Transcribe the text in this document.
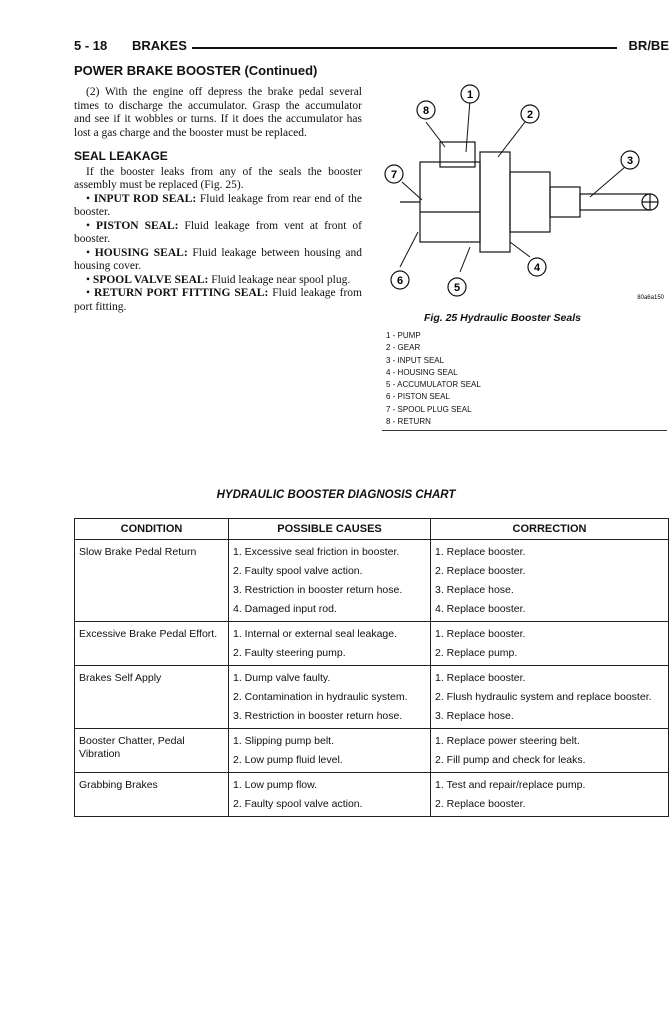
5 - 18 BRAKES	BR/BE
POWER BRAKE BOOSTER (Continued)

(2) With the engine off depress the brake pedal several times to discharge the accumulator. Grasp the accumulator and see if it wobbles or turns. If it does the accumulator has lost a gas charge and the booster must be replaced.

SEAL LEAKAGE

If the booster leaks from any of the seals the booster assembly must be replaced (Fig. 25).

• INPUT ROD SEAL: Fluid leakage from rear end of the booster.

• PISTON SEAL: Fluid leakage from vent at front of booster.

• HOUSING SEAL: Fluid leakage between housing and housing cover.

• SPOOL VALVE SEAL: Fluid leakage near spool plug.

• RETURN PORT FITTING SEAL: Fluid leakage from port fitting.

1
2
3
4
5
6
7
8
80a6a150
Fig. 25 Hydraulic Booster Seals
1 - PUMP
2 - GEAR
3 - INPUT SEAL
4 - HOUSING SEAL
5 - ACCUMULATOR SEAL
6 - PISTON SEAL
7 - SPOOL PLUG SEAL
8 - RETURN
HYDRAULIC BOOSTER DIAGNOSIS CHART
CONDITION	POSSIBLE CAUSES	CORRECTION
Slow Brake Pedal Return	1. Excessive seal friction in booster.	1. Replace booster.
	2. Faulty spool valve action.	2. Replace booster.
	3. Restriction in booster return hose.	3. Replace hose.
	4. Damaged input rod.	4. Replace booster.
Excessive Brake Pedal Effort.	1. Internal or external seal leakage.	1. Replace booster.
	2. Faulty steering pump.	2. Replace pump.
Brakes Self Apply	1. Dump valve faulty.	1. Replace booster.
	2. Contamination in hydraulic system.	2. Flush hydraulic system and replace booster.
	3. Restriction in booster return hose.	3. Replace hose.
Booster Chatter, Pedal Vibration	1. Slipping pump belt.	1. Replace power steering belt.
	2. Low pump fluid level.	2. Fill pump and check for leaks.
Grabbing Brakes	1. Low pump flow.	1. Test and repair/replace pump.
	2. Faulty spool valve action.	2. Replace booster.
